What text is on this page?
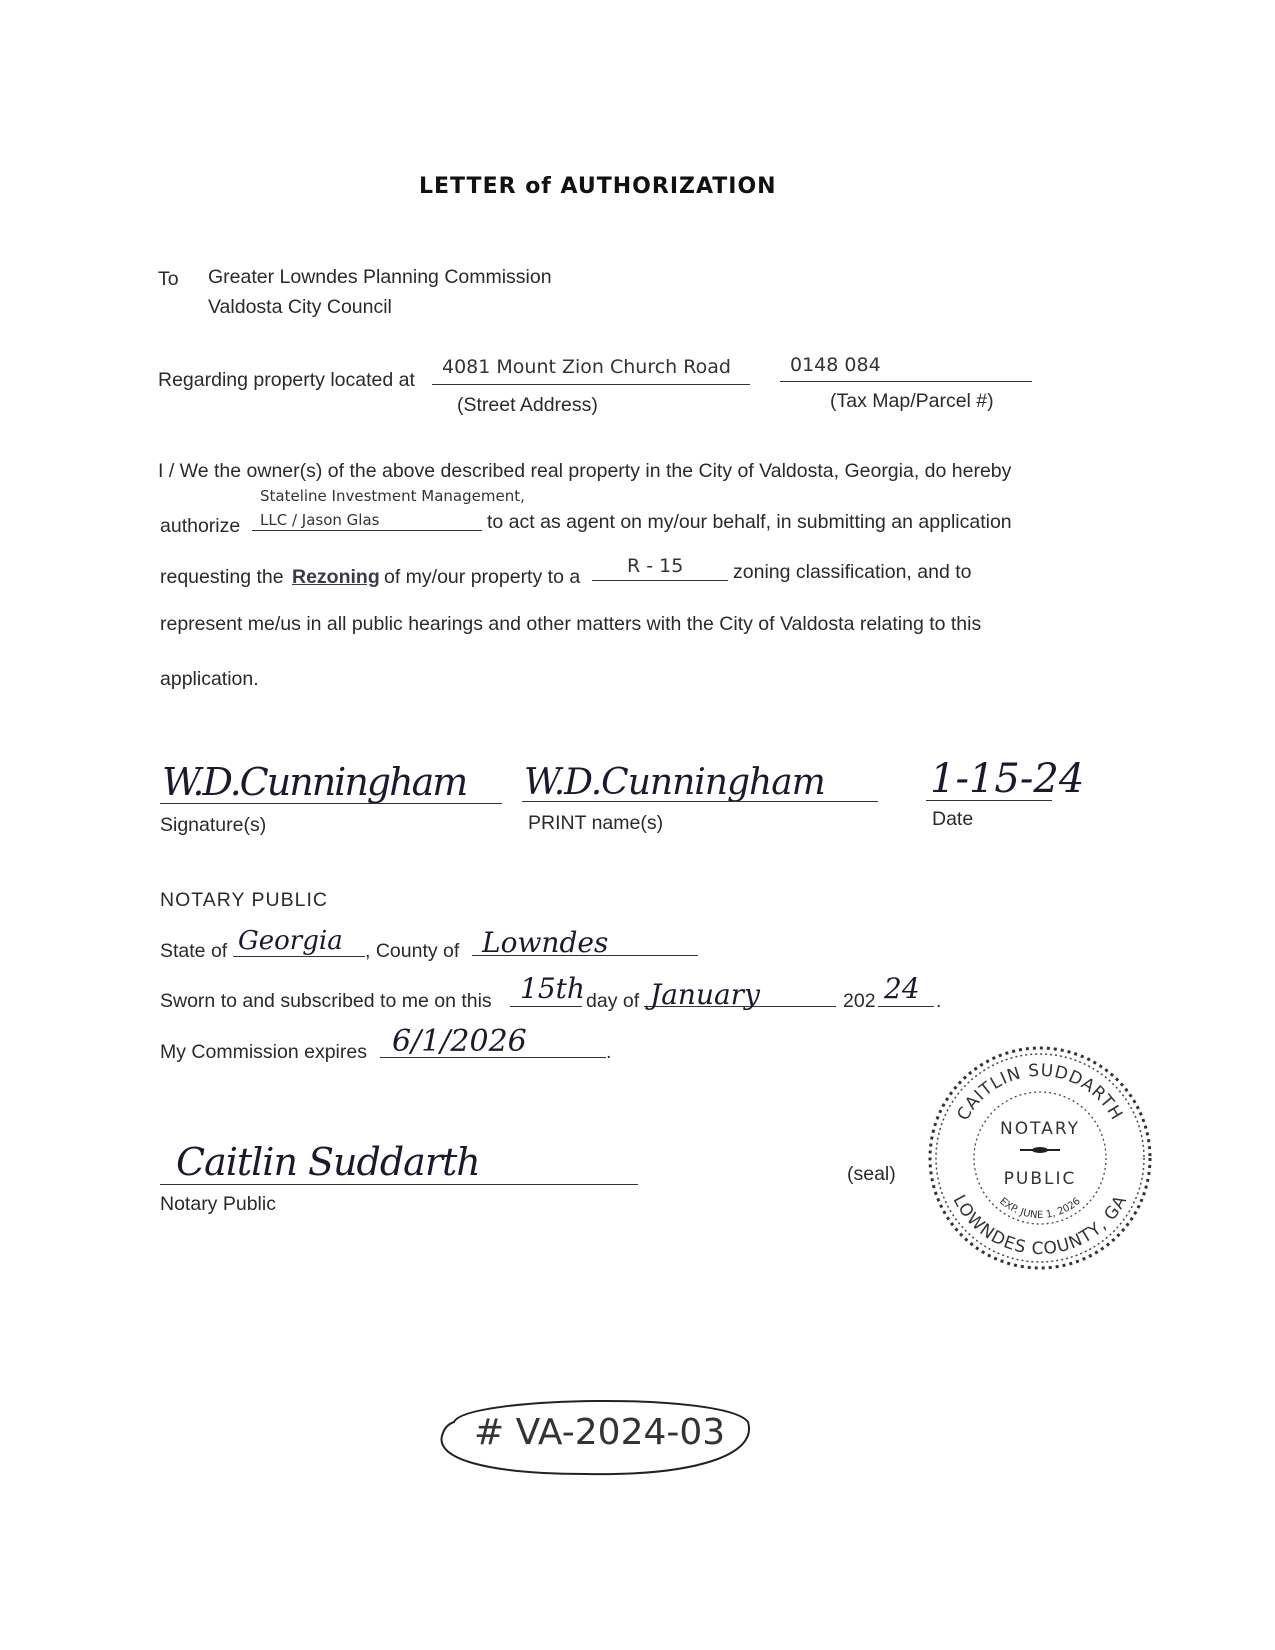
LETTER of AUTHORIZATION
To Greater Lowndes Planning Commission
Valdosta City Council
Regarding property located at
4081 Mount Zion Church Road
(Street Address)
0148 084
(Tax Map/Parcel #)
I / We the owner(s) of the above described real property in the City of Valdosta, Georgia, do hereby
Stateline Investment Management,
authorize LLC / Jason Glas	to act as agent on my/our behalf, in submitting an application
requesting the Rezoning of my/our property to a R - 15	zoning classification, and to
represent me/us in all public hearings and other matters with the City of Valdosta relating to this
application.
W.D.Cunningham
Signature(s)
W.D.Cunningham
PRINT name(s)
1-15-24
Date
NOTARY PUBLIC
State of Georgia , County of Lowndes
Sworn to and subscribed to me on this 15th day of January	202 24 .
My Commission expires 6/1/2026	.
Caitlin Suddarth
Notary Public
(seal)
CAITLIN SUDDARTH
LOWNDES COUNTY, GA
NOTARY
PUBLIC
EXP. JUNE 1, 2026
# VA-2024-03
